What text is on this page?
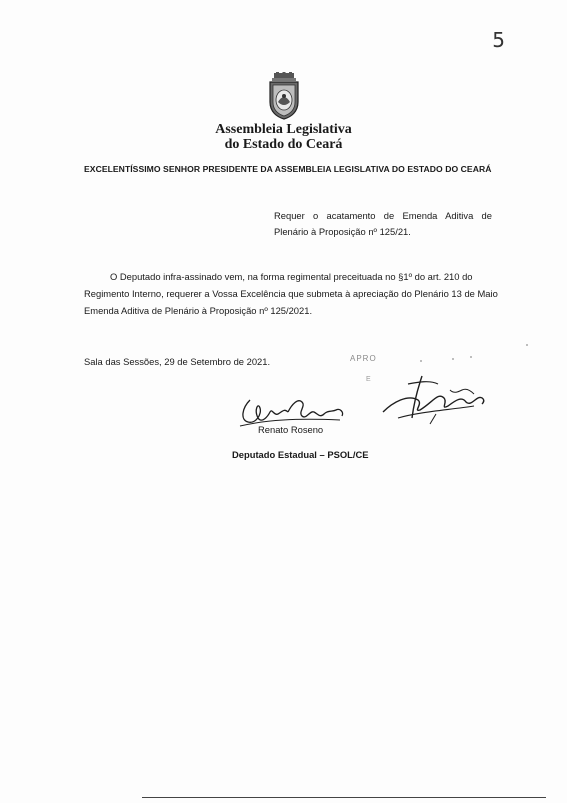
5
Assembleia Legislativa
do Estado do Ceará
EXCELENTÍSSIMO SENHOR PRESIDENTE DA ASSEMBLEIA LEGISLATIVA DO ESTADO DO CEARÁ
Requer o acatamento de Emenda Aditiva de Plenário à Proposição nº 125/21.
O Deputado infra-assinado vem, na forma regimental preceituada no §1º do art. 210 do
Regimento Interno, requerer a Vossa Excelência que submeta à apreciação do Plenário 13 de Maio
Emenda Aditiva de Plenário à Proposição nº 125/2021.
Sala das Sessões, 29 de Setembro de 2021.	APRO
E
Renato Roseno
Deputado Estadual – PSOL/CE
